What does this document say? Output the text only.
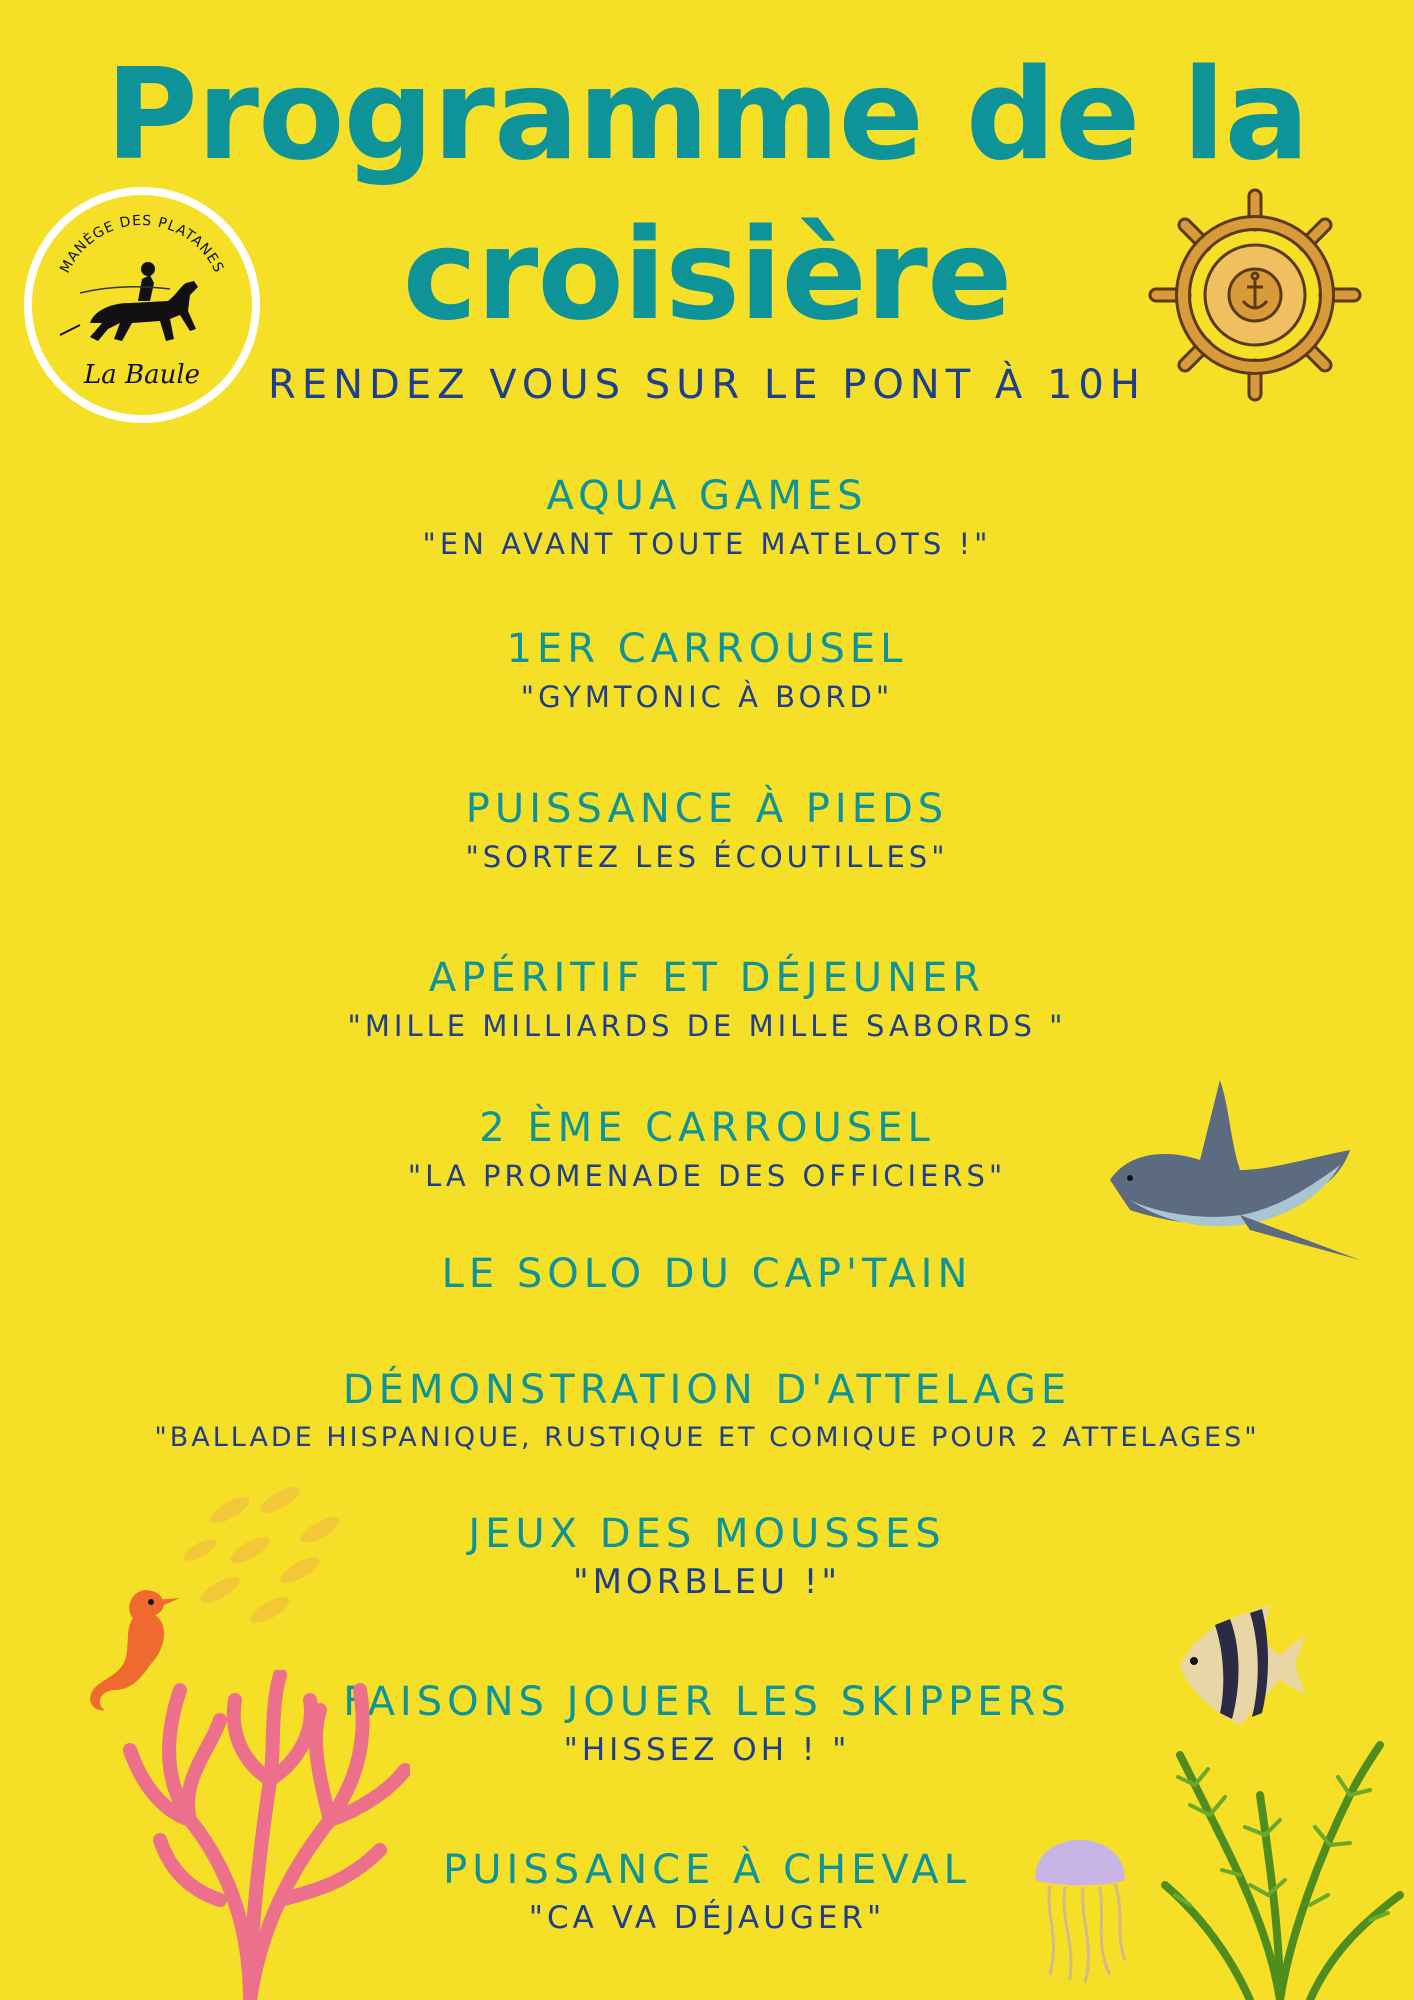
Programme de la
croisière
MANÈGE DES PLATANES
La Baule	RENDEZ VOUS SUR LE PONT À 10H
AQUA GAMES
"EN AVANT TOUTE MATELOTS !"
1ER CARROUSEL
"GYMTONIC À BORD"
PUISSANCE À PIEDS
"SORTEZ LES ÉCOUTILLES"
APÉRITIF ET DÉJEUNER
"MILLE MILLIARDS DE MILLE SABORDS "
2 ÈME CARROUSEL
"LA PROMENADE DES OFFICIERS"
LE SOLO DU CAP'TAIN
DÉMONSTRATION D'ATTELAGE
"BALLADE HISPANIQUE, RUSTIQUE ET COMIQUE POUR 2 ATTELAGES"
JEUX DES MOUSSES
"MORBLEU !"
FAISONS JOUER LES SKIPPERS
"HISSEZ OH ! "
PUISSANCE À CHEVAL
"CA VA DÉJAUGER"
